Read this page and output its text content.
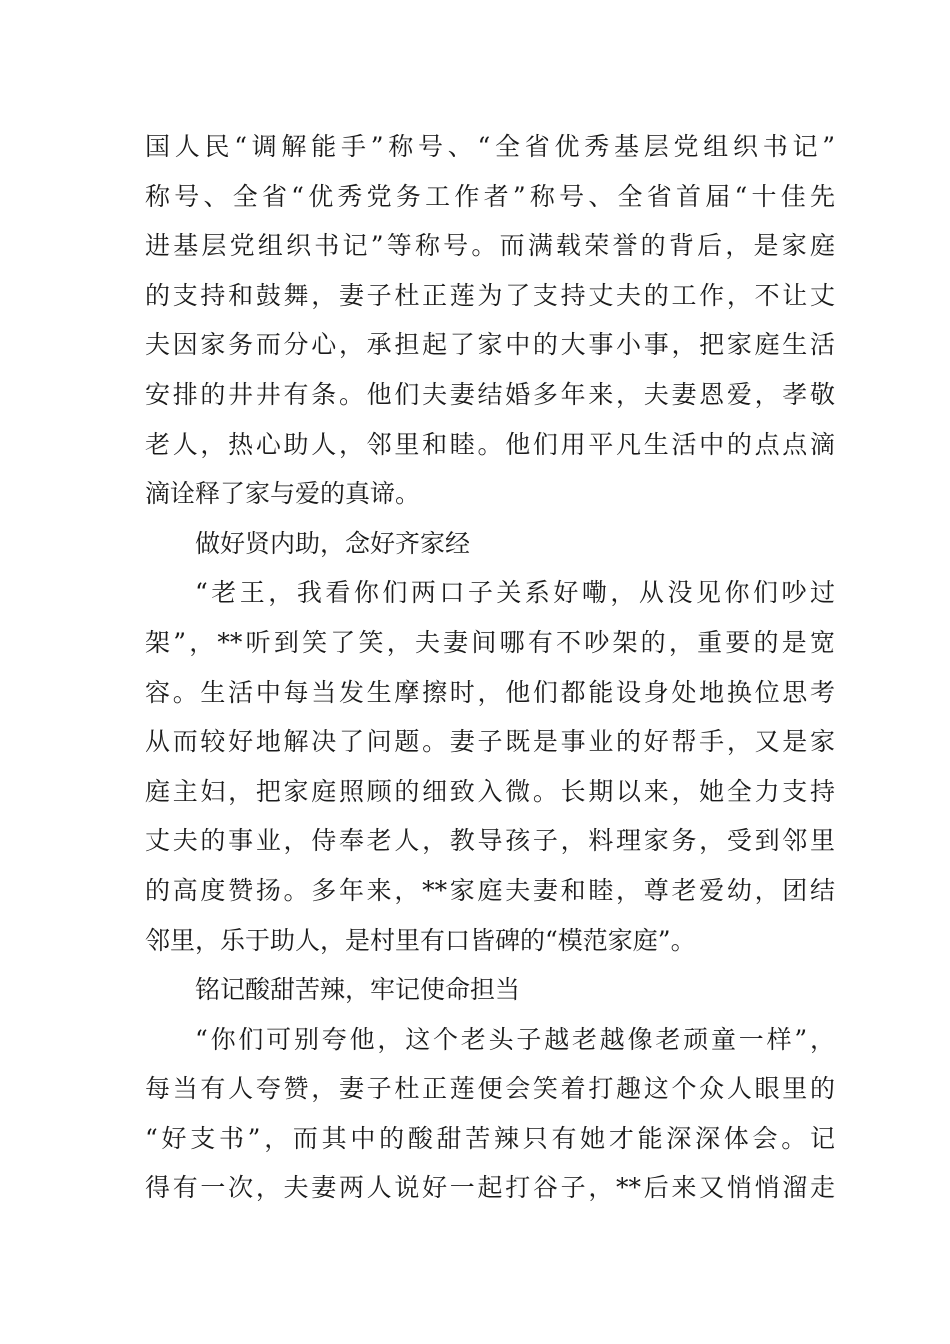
国人民“调解能手”称号、“全省优秀基层党组织书记”
称号、全省“优秀党务工作者”称号、全省首届“十佳先
进基层党组织书记”等称号。而满载荣誉的背后，是家庭
的支持和鼓舞，妻子杜正莲为了支持丈夫的工作，不让丈
夫因家务而分心，承担起了家中的大事小事，把家庭生活
安排的井井有条。他们夫妻结婚多年来，夫妻恩爱，孝敬
老人，热心助人，邻里和睦。他们用平凡生活中的点点滴
滴诠释了家与爱的真谛。
做好贤内助，念好齐家经
“老王，我看你们两口子关系好嘞，从没见你们吵过
架”，**听到笑了笑，夫妻间哪有不吵架的，重要的是宽
容。生活中每当发生摩擦时，他们都能设身处地换位思考
从而较好地解决了问题。妻子既是事业的好帮手，又是家
庭主妇，把家庭照顾的细致入微。长期以来，她全力支持
丈夫的事业，侍奉老人，教导孩子，料理家务，受到邻里
的高度赞扬。多年来，**家庭夫妻和睦，尊老爱幼，团结
邻里，乐于助人，是村里有口皆碑的“模范家庭”。
铭记酸甜苦辣，牢记使命担当
“你们可别夸他，这个老头子越老越像老顽童一样”，
每当有人夸赞，妻子杜正莲便会笑着打趣这个众人眼里的
“好支书”，而其中的酸甜苦辣只有她才能深深体会。记
得有一次，夫妻两人说好一起打谷子，**后来又悄悄溜走
